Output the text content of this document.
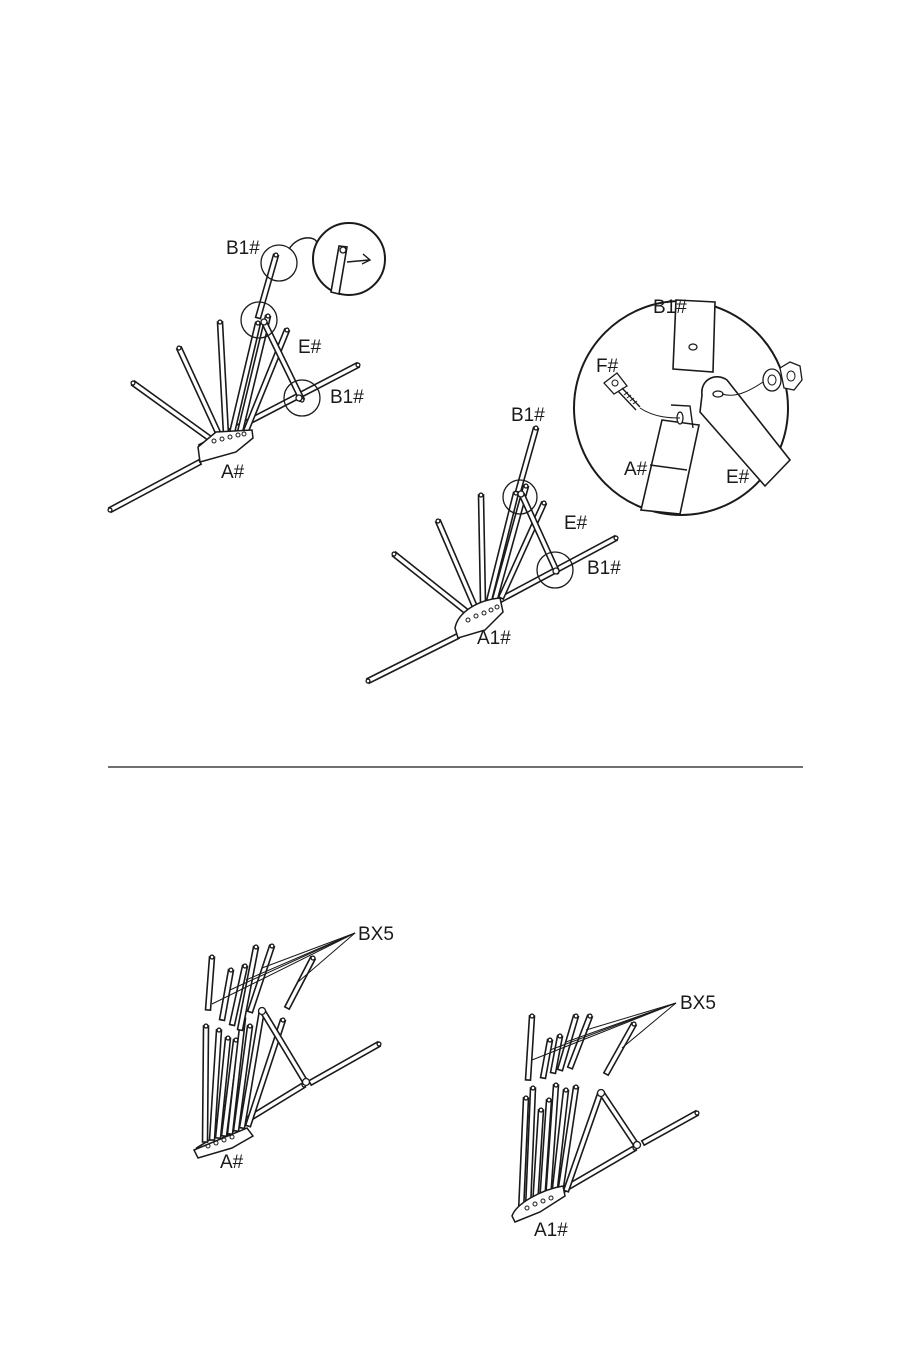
B1#
E#
B1#
A#
B1#
F#
A#	E#
B1#
E#
B1#
A1#
BX5
A#
BX5
A1#
